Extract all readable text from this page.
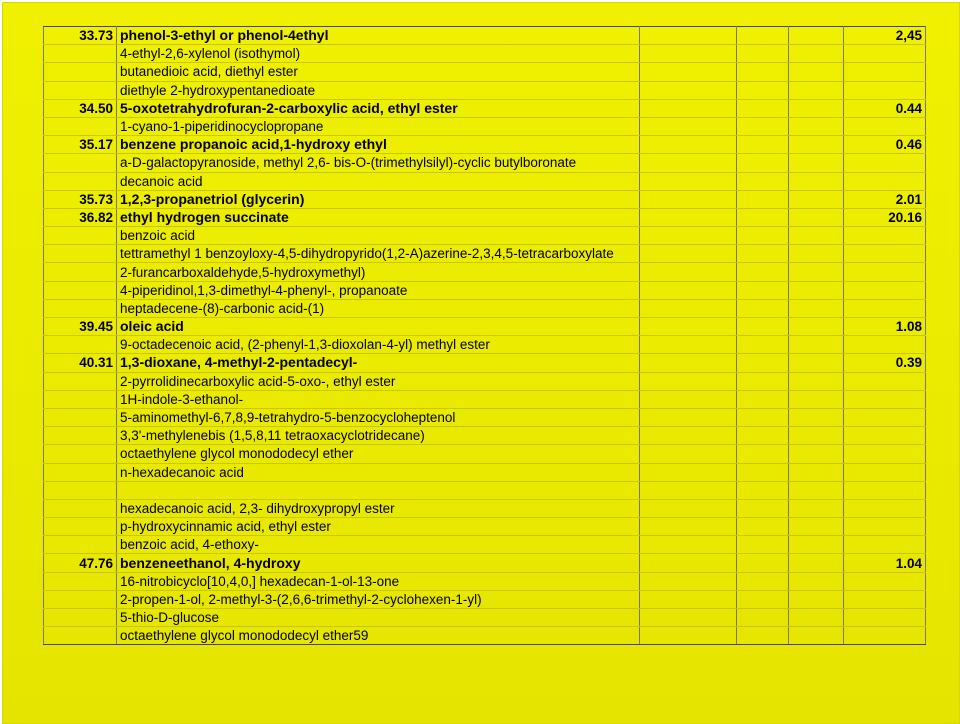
33.73	phenol-3-ethyl or phenol-4ethyl				2,45
	4-ethyl-2,6-xylenol (isothymol)				
	butanedioic acid, diethyl ester				
	diethyle 2-hydroxypentanedioate				
34.50	5-oxotetrahydrofuran-2-carboxylic acid, ethyl ester				0.44
	1-cyano-1-piperidinocyclopropane				
35.17	benzene propanoic acid,1-hydroxy ethyl				0.46
	a-D-galactopyranoside, methyl 2,6- bis-O-(trimethylsilyl)-cyclic butylboronate				
	decanoic acid				
35.73	1,2,3-propanetriol (glycerin)				2.01
36.82	ethyl hydrogen succinate				20.16
	benzoic acid				
	tettramethyl 1 benzoyloxy-4,5-dihydropyrido(1,2-A)azerine-2,3,4,5-tetracarboxylate				
	2-furancarboxaldehyde,5-hydroxymethyl)				
	4-piperidinol,1,3-dimethyl-4-phenyl-, propanoate				
	heptadecene-(8)-carbonic acid-(1)				
39.45	oleic acid				1.08
	9-octadecenoic acid, (2-phenyl-1,3-dioxolan-4-yl) methyl ester				
40.31	1,3-dioxane, 4-methyl-2-pentadecyl-				0.39
	2-pyrrolidinecarboxylic acid-5-oxo-, ethyl ester				
	1H-indole-3-ethanol-				
	5-aminomethyl-6,7,8,9-tetrahydro-5-benzocycloheptenol				
	3,3'-methylenebis (1,5,8,11 tetraoxacyclotridecane)				
	octaethylene glycol monododecyl ether				
	n-hexadecanoic acid				

	hexadecanoic acid, 2,3- dihydroxypropyl ester				
	p-hydroxycinnamic acid, ethyl ester				
	benzoic acid, 4-ethoxy-				
47.76	benzeneethanol, 4-hydroxy				1.04
	16-nitrobicyclo[10,4,0,] hexadecan-1-ol-13-one				
	2-propen-1-ol, 2-methyl-3-(2,6,6-trimethyl-2-cyclohexen-1-yl)				
	5-thio-D-glucose				
	octaethylene glycol monododecyl ether59				
